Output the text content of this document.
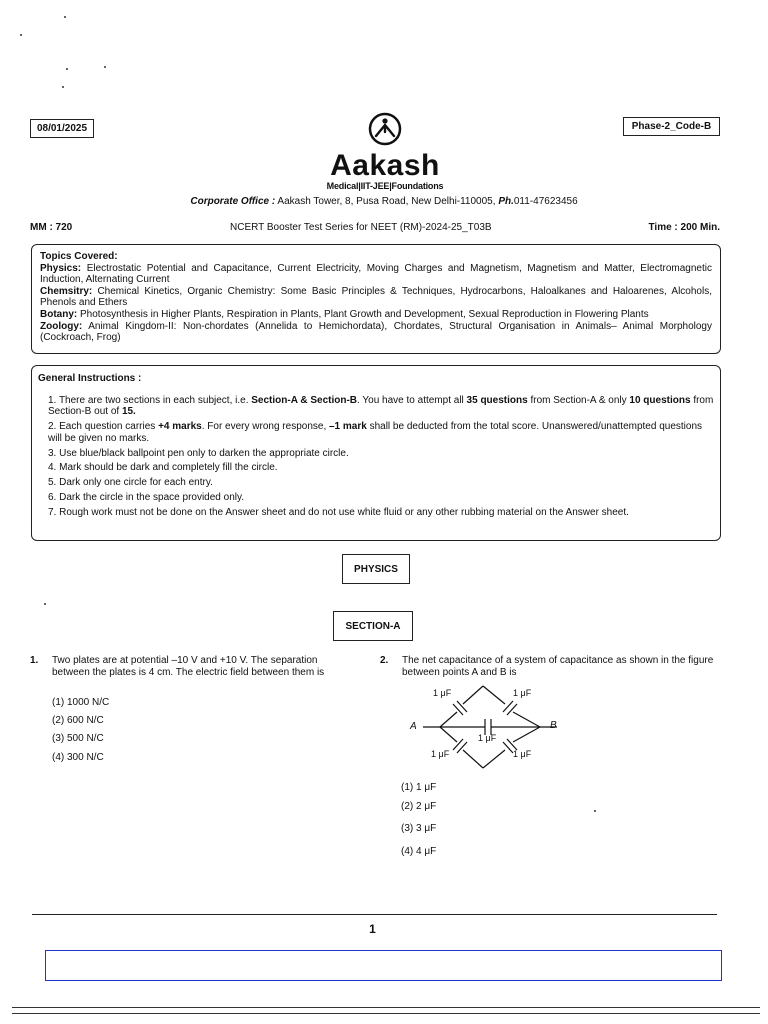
08/01/2025	Phase-2_Code-B
Aakash
Medical|IIT-JEE|Foundations
Corporate Office : Aakash Tower, 8, Pusa Road, New Delhi-110005, Ph.011-47623456
MM : 720	NCERT Booster Test Series for NEET (RM)-2024-25_T03B	Time : 200 Min.
Topics Covered:
Physics: Electrostatic Potential and Capacitance, Current Electricity, Moving Charges and Magnetism, Magnetism and Matter, Electromagnetic Induction, Alternating Current
Chemsitry: Chemical Kinetics, Organic Chemistry: Some Basic Principles & Techniques, Hydrocarbons, Haloalkanes and Haloarenes, Alcohols, Phenols and Ethers
Botany: Photosynthesis in Higher Plants, Respiration in Plants, Plant Growth and Development, Sexual Reproduction in Flowering Plants
Zoology: Animal Kingdom-II: Non-chordates (Annelida to Hemichordata), Chordates, Structural Organisation in Animals– Animal Morphology (Cockroach, Frog)
General Instructions :
1. There are two sections in each subject, i.e. Section-A & Section-B. You have to attempt all 35 questions from Section-A & only 10 questions from Section-B out of 15.
2. Each question carries +4 marks. For every wrong response, –1 mark shall be deducted from the total score. Unanswered/unattempted questions will be given no marks.
3. Use blue/black ballpoint pen only to darken the appropriate circle.
4. Mark should be dark and completely fill the circle.
5. Dark only one circle for each entry.
6. Dark the circle in the space provided only.
7. Rough work must not be done on the Answer sheet and do not use white fluid or any other rubbing material on the Answer sheet.
PHYSICS
SECTION-A
1. Two plates are at potential –10 V and +10 V. The separation between the plates is 4 cm. The electric field between them is
(1) 1000 N/C
(2) 600 N/C
(3) 500 N/C
(4) 300 N/C
2. The net capacitance of a system of capacitance as shown in the figure between points A and B is
1 μF	1 μF
1 μF
1 μF	1 μF
A	B
(1) 1 μF
(2) 2 μF
(3) 3 μF
(4) 4 μF
1
